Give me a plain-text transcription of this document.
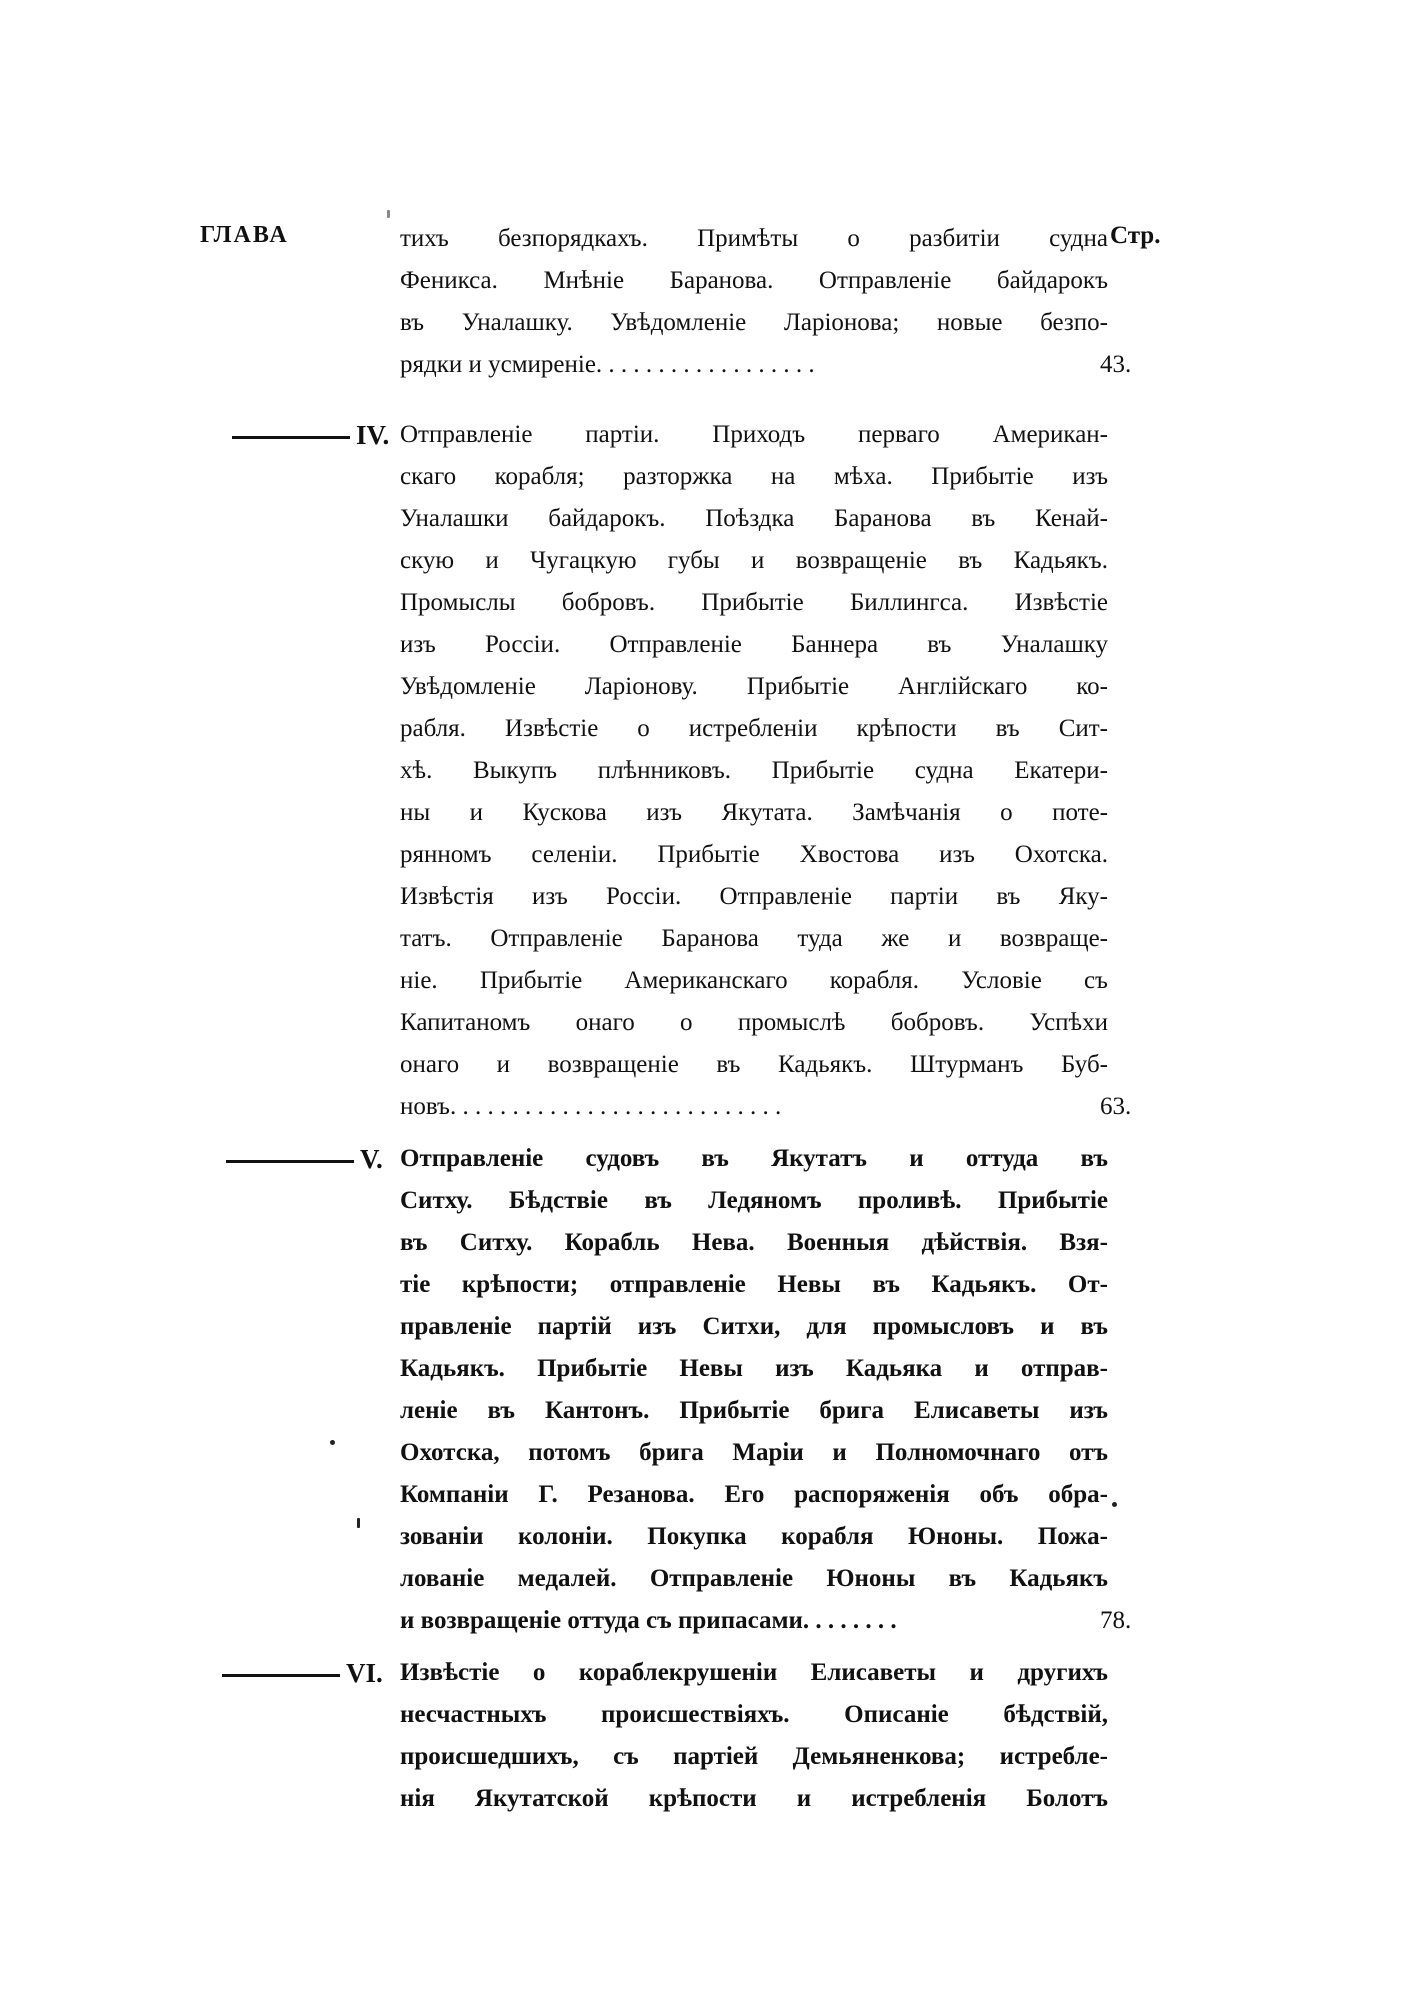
ГЛАВА	Стр.
тихъ безпорядкахъ. Примѣты о разбитіи судна
Феникса. Мнѣніе Баранова. Отправленіе байдарокъ
въ Уналашку. Увѣдомленіе Ларіонова; новые безпо-
рядки и усмиреніе. . . . . . . . . . . . . . . . . .	43.
IV. Отправленіе партіи. Приходъ перваго Американ-
скаго корабля; разторжка на мѣха. Прибытіе изъ
Уналашки байдарокъ. Поѣздка Баранова въ Кенай-
скую и Чугацкую губы и возвращеніе въ Кадьякъ.
Промыслы бобровъ. Прибытіе Биллингса. Извѣстіе
изъ Россіи. Отправленіе Баннера въ Уналашку
Увѣдомленіе Ларіонову. Прибытіе Англійскаго ко-
рабля. Извѣстіе о истребленіи крѣпости въ Сит-
хѣ. Выкупъ плѣнниковъ. Прибытіе судна Екатери-
ны и Кускова изъ Якутата. Замѣчанія о поте-
рянномъ селеніи. Прибытіе Хвостова изъ Охотска.
Извѣстія изъ Россіи. Отправленіе партіи въ Яку-
татъ. Отправленіе Баранова туда же и возвраще-
ніе. Прибытіе Американскаго корабля. Условіе съ
Капитаномъ онаго о промыслѣ бобровъ. Успѣхи
онаго и возвращеніе въ Кадьякъ. Штурманъ Буб-
новъ. . . . . . . . . . . . . . . . . . . . . . . . . . .	63.
V. Отправленіе судовъ въ Якутатъ и оттуда въ
Ситху. Бѣдствіе въ Ледяномъ проливѣ. Прибытіе
въ Ситху. Корабль Нева. Военныя дѣйствія. Взя-
тіе крѣпости; отправленіе Невы въ Кадьякъ. От-
правленіе партій изъ Ситхи, для промысловъ и въ
Кадьякъ. Прибытіе Невы изъ Кадьяка и отправ-
леніе въ Кантонъ. Прибытіе брига Елисаветы изъ
Охотска, потомъ брига Маріи и Полномочнаго отъ
Компаніи Г. Резанова. Его распоряженія объ обра-
зованіи колоніи. Покупка корабля Юноны. Пожа-
лованіе медалей. Отправленіе Юноны въ Кадьякъ
и возвращеніе оттуда съ припасами. . . . . . . .	78.
VI. Извѣстіе о кораблекрушеніи Елисаветы и другихъ
несчастныхъ происшествіяхъ. Описаніе бѣдствій,
происшедшихъ, съ партіей Демьяненкова; истребле-
нія Якутатской крѣпости и истребленія Болотъ
